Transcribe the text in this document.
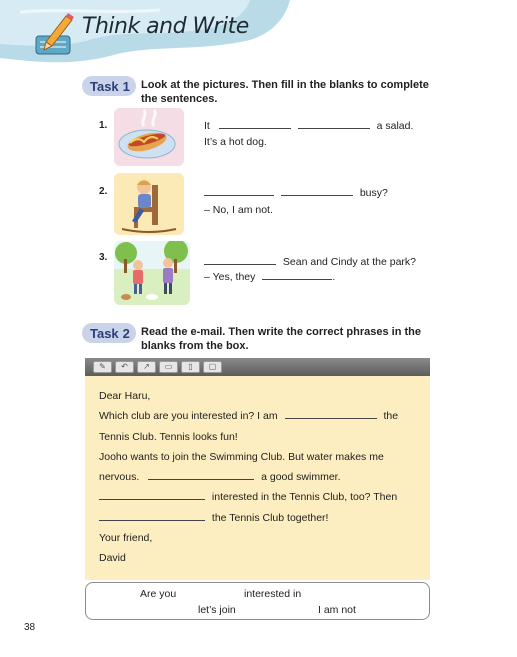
Think and Write
Task 1 Look at the pictures. Then fill in the blanks to complete
the sentences.
1.	It	a salad.
It’s a hot dog.
2.	busy?
– No, I am not.
3.	Sean and Cindy at the park?
– Yes, they	.
Task 2 Read the e-mail. Then write the correct phrases in the
blanks from the box.
✎	↶	↗	▭	▯	▢
Dear Haru,
Which club are you interested in? I am	the
Tennis Club. Tennis looks fun!
Jooho wants to join the Swimming Club. But water makes me
nervous.	a good swimmer.
interested in the Tennis Club, too? Then
the Tennis Club together!
Your friend,
David
Are you	interested in
let’s join	I am not
38
